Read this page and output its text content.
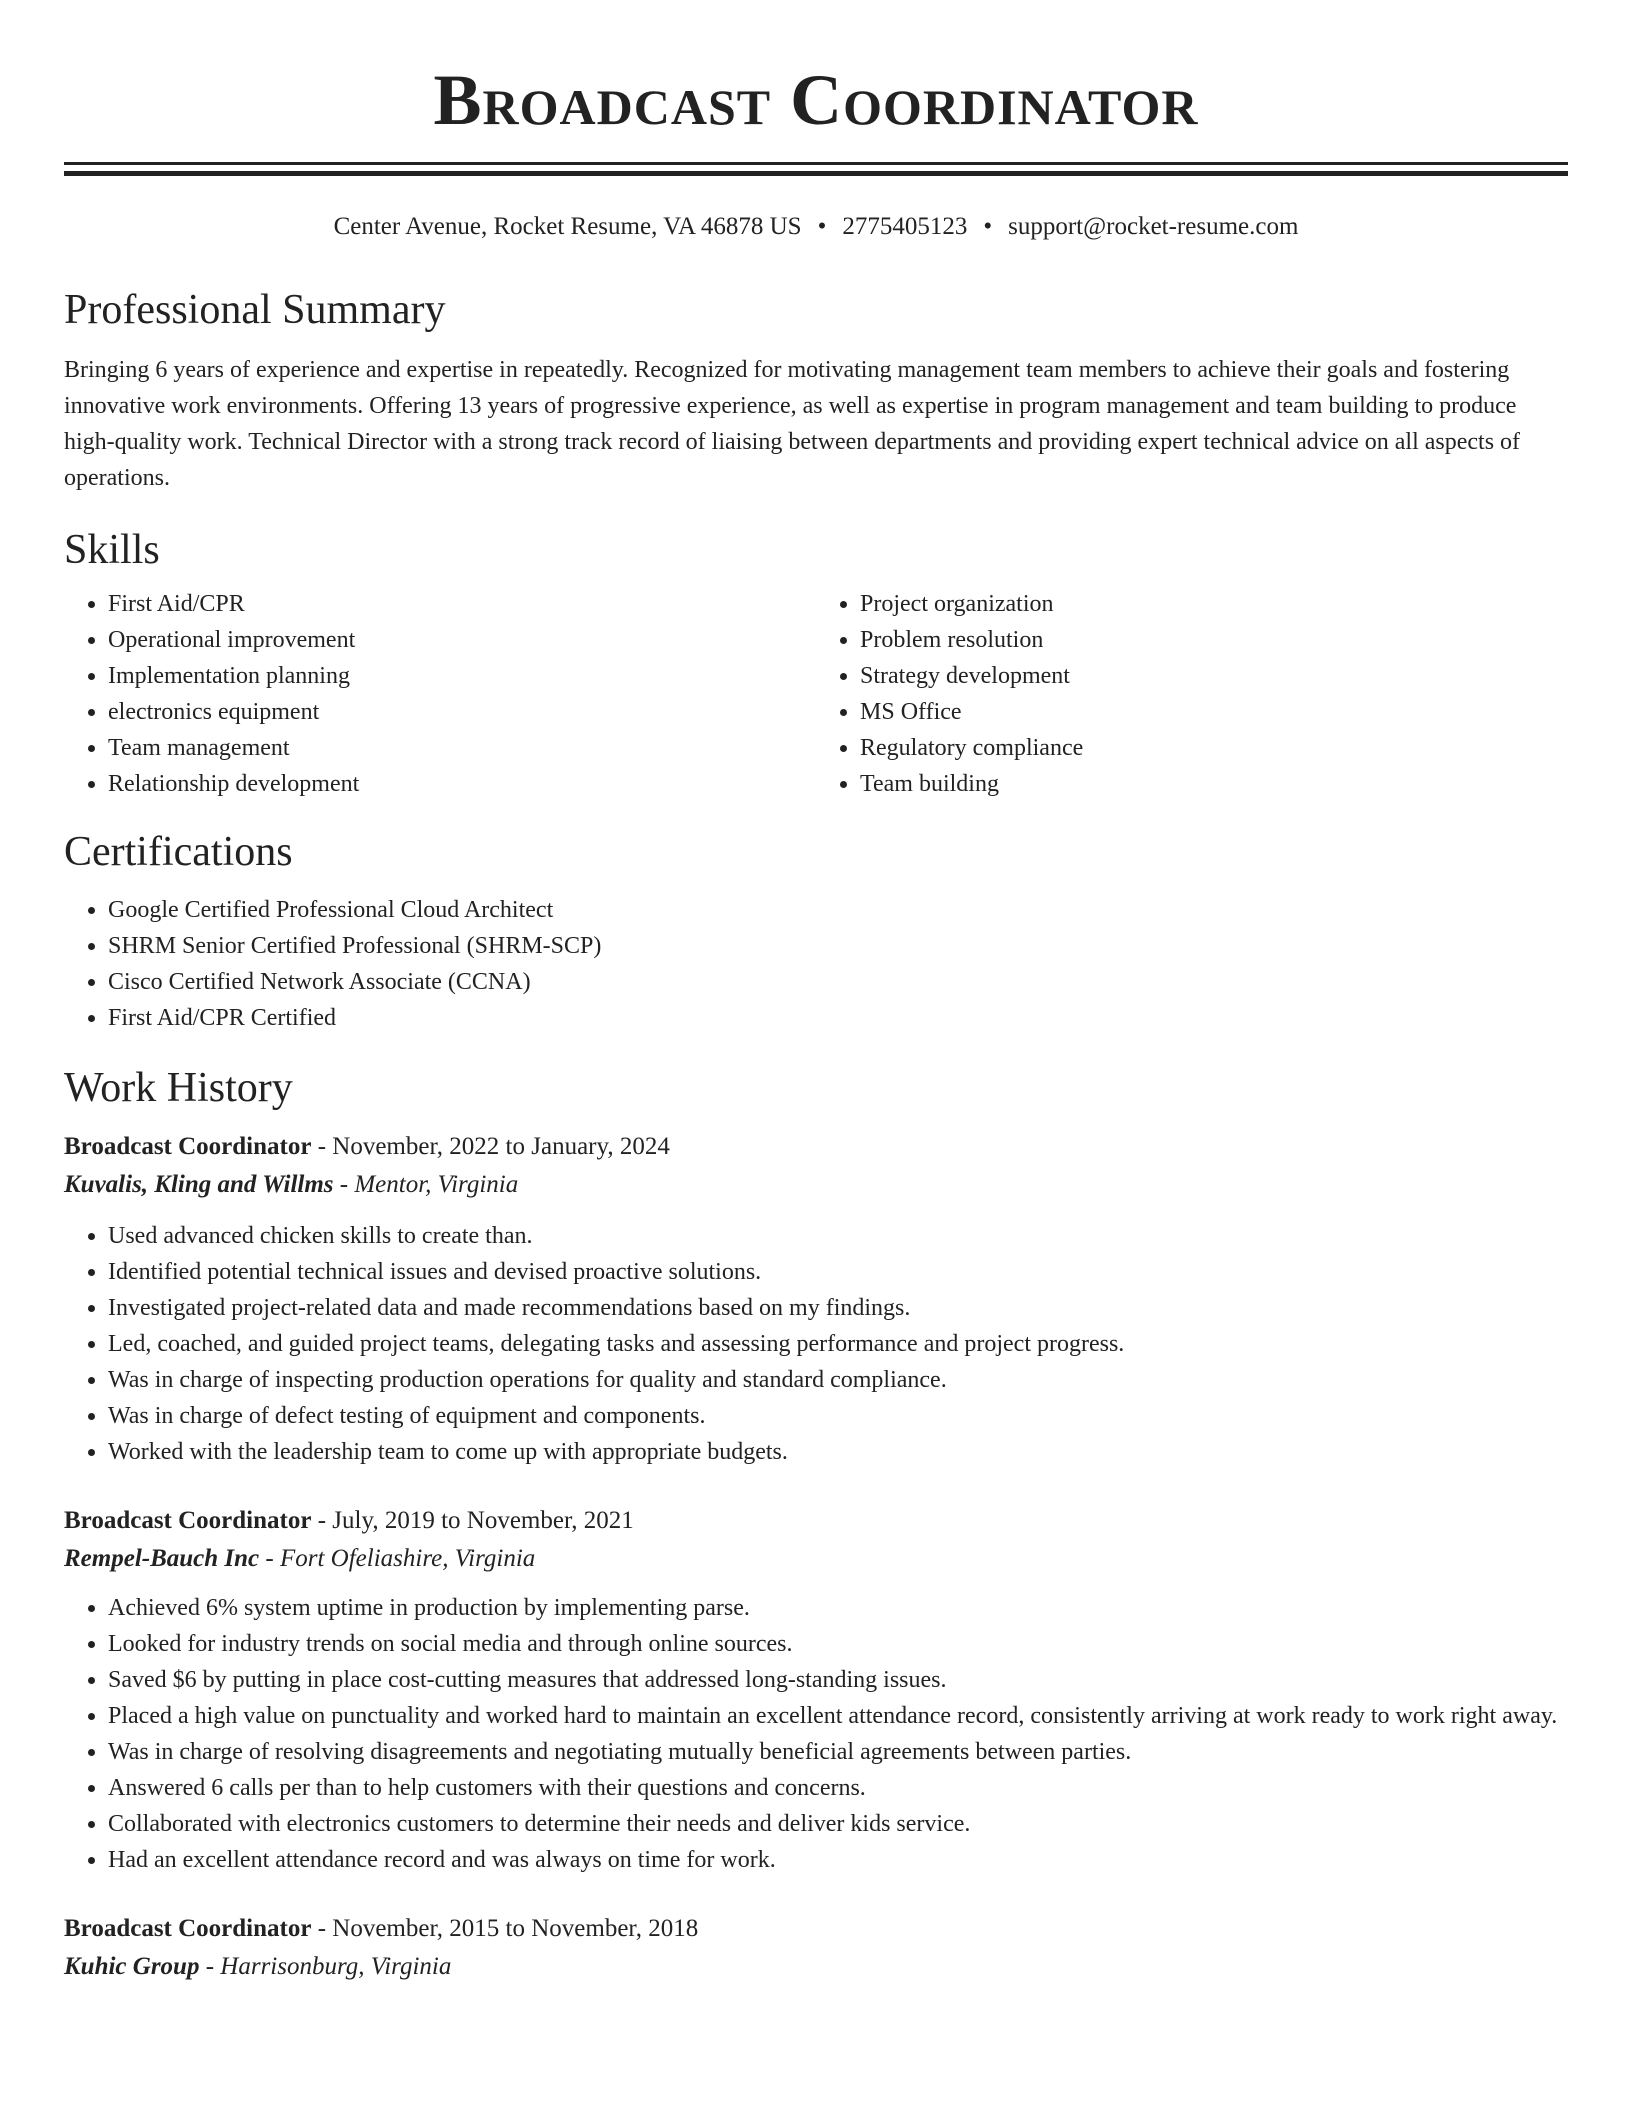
Broadcast Coordinator
Center Avenue, Rocket Resume, VA 46878 US • 2775405123 • support@rocket-resume.com
Professional Summary

Bringing 6 years of experience and expertise in repeatedly. Recognized for motivating management team members to achieve their goals and fostering innovative work environments. Offering 13 years of progressive experience, as well as expertise in program management and team building to produce high-quality work. Technical Director with a strong track record of liaising between departments and providing expert technical advice on all aspects of operations.

Skills
• First Aid/CPR
• Operational improvement
• Implementation planning
• electronics equipment
• Team management
• Relationship development
• Project organization
• Problem resolution
• Strategy development
• MS Office
• Regulatory compliance
• Team building
Certifications
• Google Certified Professional Cloud Architect
• SHRM Senior Certified Professional (SHRM-SCP)
• Cisco Certified Network Associate (CCNA)
• First Aid/CPR Certified
Work History
Broadcast Coordinator - November, 2022 to January, 2024
Kuvalis, Kling and Willms - Mentor, Virginia
• Used advanced chicken skills to create than.
• Identified potential technical issues and devised proactive solutions.
• Investigated project-related data and made recommendations based on my findings.
• Led, coached, and guided project teams, delegating tasks and assessing performance and project progress.
• Was in charge of inspecting production operations for quality and standard compliance.
• Was in charge of defect testing of equipment and components.
• Worked with the leadership team to come up with appropriate budgets.
Broadcast Coordinator - July, 2019 to November, 2021
Rempel-Bauch Inc - Fort Ofeliashire, Virginia
• Achieved 6% system uptime in production by implementing parse.
• Looked for industry trends on social media and through online sources.
• Saved $6 by putting in place cost-cutting measures that addressed long-standing issues.
• Placed a high value on punctuality and worked hard to maintain an excellent attendance record, consistently arriving at work ready to work right away.
• Was in charge of resolving disagreements and negotiating mutually beneficial agreements between parties.
• Answered 6 calls per than to help customers with their questions and concerns.
• Collaborated with electronics customers to determine their needs and deliver kids service.
• Had an excellent attendance record and was always on time for work.
Broadcast Coordinator - November, 2015 to November, 2018
Kuhic Group - Harrisonburg, Virginia
